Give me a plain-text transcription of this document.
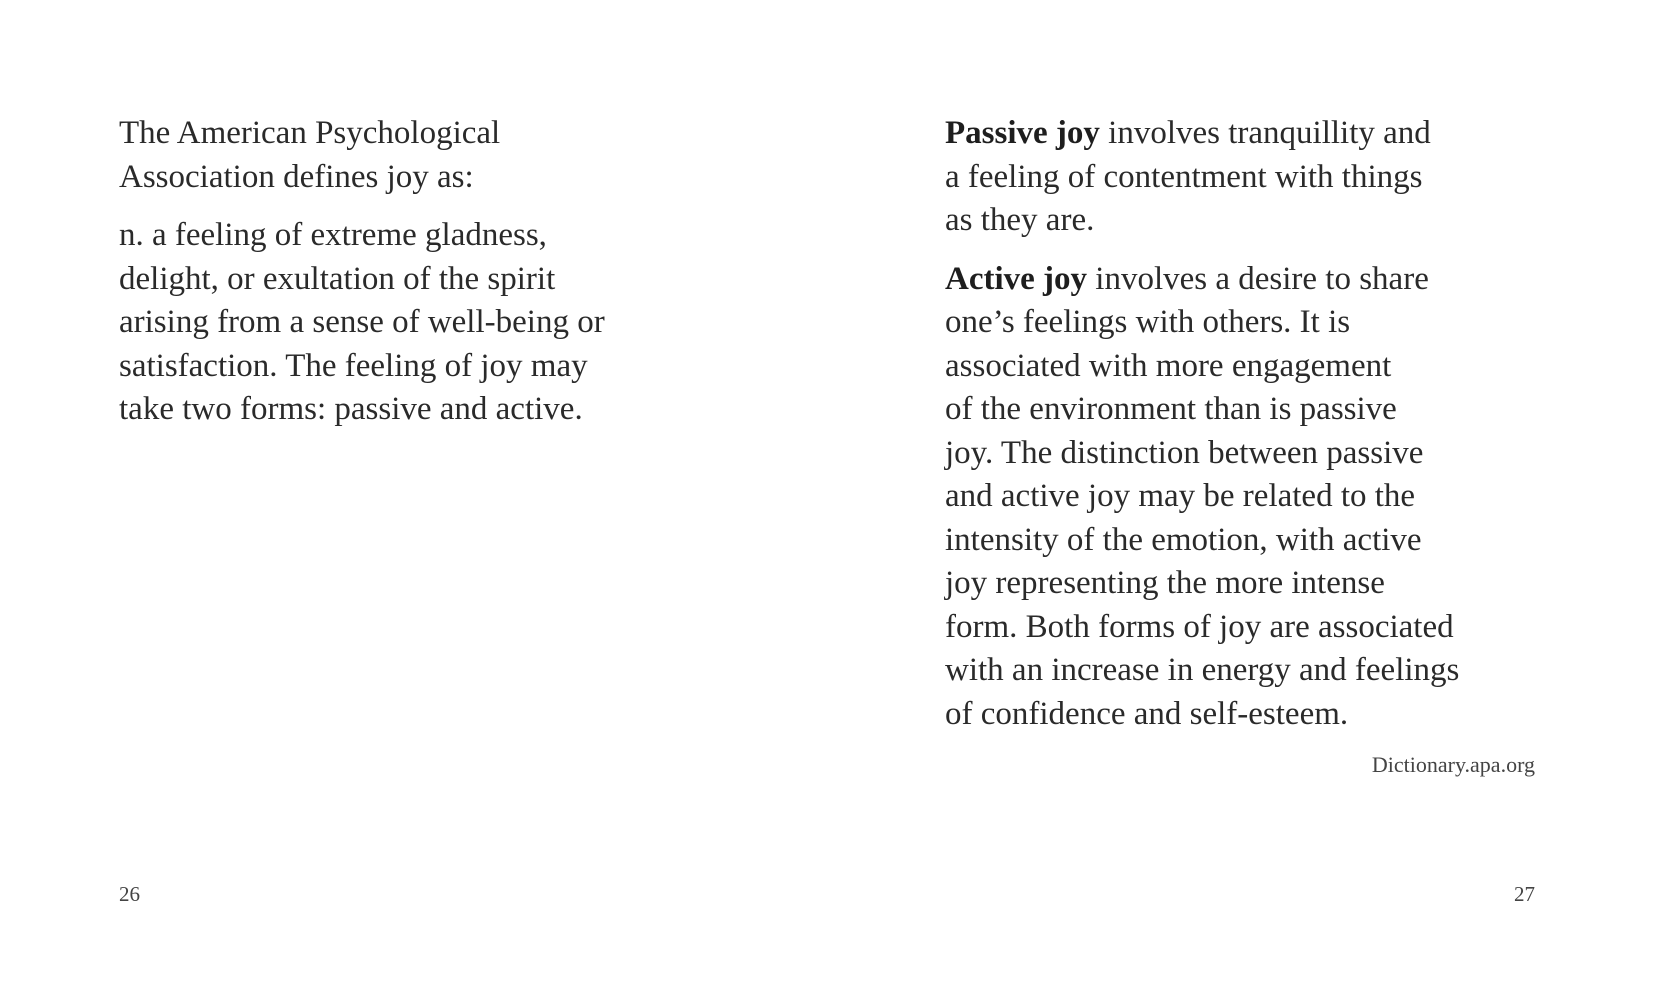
The American Psychological
Association defines joy as:

n. a feeling of extreme gladness,
delight, or exultation of the spirit
arising from a sense of well-being or
satisfaction. The feeling of joy may
take two forms: passive and active.

Passive joy involves tranquillity and
a feeling of contentment with things
as they are.

Active joy involves a desire to share
one’s feelings with others. It is
associated with more engagement
of the environment than is passive
joy. The distinction between passive
and active joy may be related to the
intensity of the emotion, with active
joy representing the more intense
form. Both forms of joy are associated
with an increase in energy and feelings
of confidence and self-esteem.

Dictionary.apa.org
26	27
